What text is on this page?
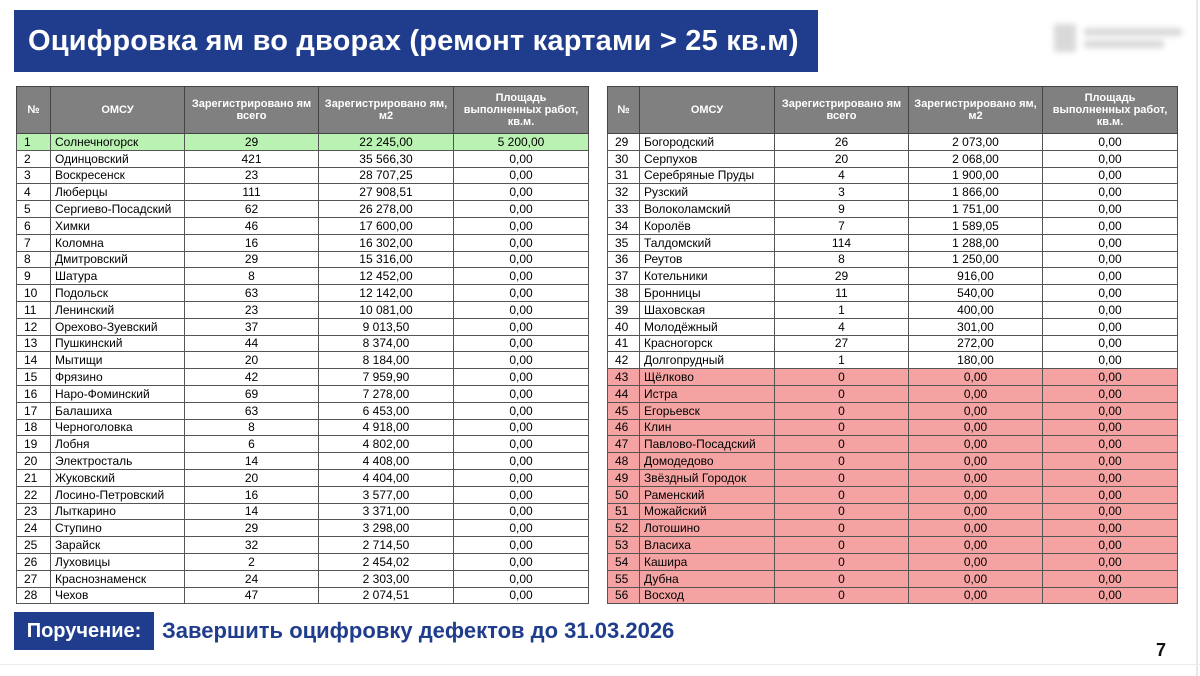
Оцифровка ям во дворах (ремонт картами > 25 кв.м)
№	ОМСУ	Зарегистрировано ям всего	Зарегистрировано ям, м2	Площадь выполненных работ, кв.м.
1	Солнечногорск	29	22 245,00	5 200,00
2	Одинцовский	421	35 566,30	0,00
3	Воскресенск	23	28 707,25	0,00
4	Люберцы	111	27 908,51	0,00
5	Сергиево-Посадский	62	26 278,00	0,00
6	Химки	46	17 600,00	0,00
7	Коломна	16	16 302,00	0,00
8	Дмитровский	29	15 316,00	0,00
9	Шатура	8	12 452,00	0,00
10	Подольск	63	12 142,00	0,00
11	Ленинский	23	10 081,00	0,00
12	Орехово-Зуевский	37	9 013,50	0,00
13	Пушкинский	44	8 374,00	0,00
14	Мытищи	20	8 184,00	0,00
15	Фрязино	42	7 959,90	0,00
16	Наро-Фоминский	69	7 278,00	0,00
17	Балашиха	63	6 453,00	0,00
18	Черноголовка	8	4 918,00	0,00
19	Лобня	6	4 802,00	0,00
20	Электросталь	14	4 408,00	0,00
21	Жуковский	20	4 404,00	0,00
22	Лосино-Петровский	16	3 577,00	0,00
23	Лыткарино	14	3 371,00	0,00
24	Ступино	29	3 298,00	0,00
25	Зарайск	32	2 714,50	0,00
26	Луховицы	2	2 454,02	0,00
27	Краснознаменск	24	2 303,00	0,00
28	Чехов	47	2 074,51	0,00
№	ОМСУ	Зарегистрировано ям всего	Зарегистрировано ям, м2	Площадь выполненных работ, кв.м.
29	Богородский	26	2 073,00	0,00
30	Серпухов	20	2 068,00	0,00
31	Серебряные Пруды	4	1 900,00	0,00
32	Рузский	3	1 866,00	0,00
33	Волоколамский	9	1 751,00	0,00
34	Королёв	7	1 589,05	0,00
35	Талдомский	114	1 288,00	0,00
36	Реутов	8	1 250,00	0,00
37	Котельники	29	916,00	0,00
38	Бронницы	11	540,00	0,00
39	Шаховская	1	400,00	0,00
40	Молодёжный	4	301,00	0,00
41	Красногорск	27	272,00	0,00
42	Долгопрудный	1	180,00	0,00
43	Щёлково	0	0,00	0,00
44	Истра	0	0,00	0,00
45	Егорьевск	0	0,00	0,00
46	Клин	0	0,00	0,00
47	Павлово-Посадский	0	0,00	0,00
48	Домодедово	0	0,00	0,00
49	Звёздный Городок	0	0,00	0,00
50	Раменский	0	0,00	0,00
51	Можайский	0	0,00	0,00
52	Лотошино	0	0,00	0,00
53	Власиха	0	0,00	0,00
54	Кашира	0	0,00	0,00
55	Дубна	0	0,00	0,00
56	Восход	0	0,00	0,00
Поручение: Завершить оцифровку дефектов до 31.03.2026
7
